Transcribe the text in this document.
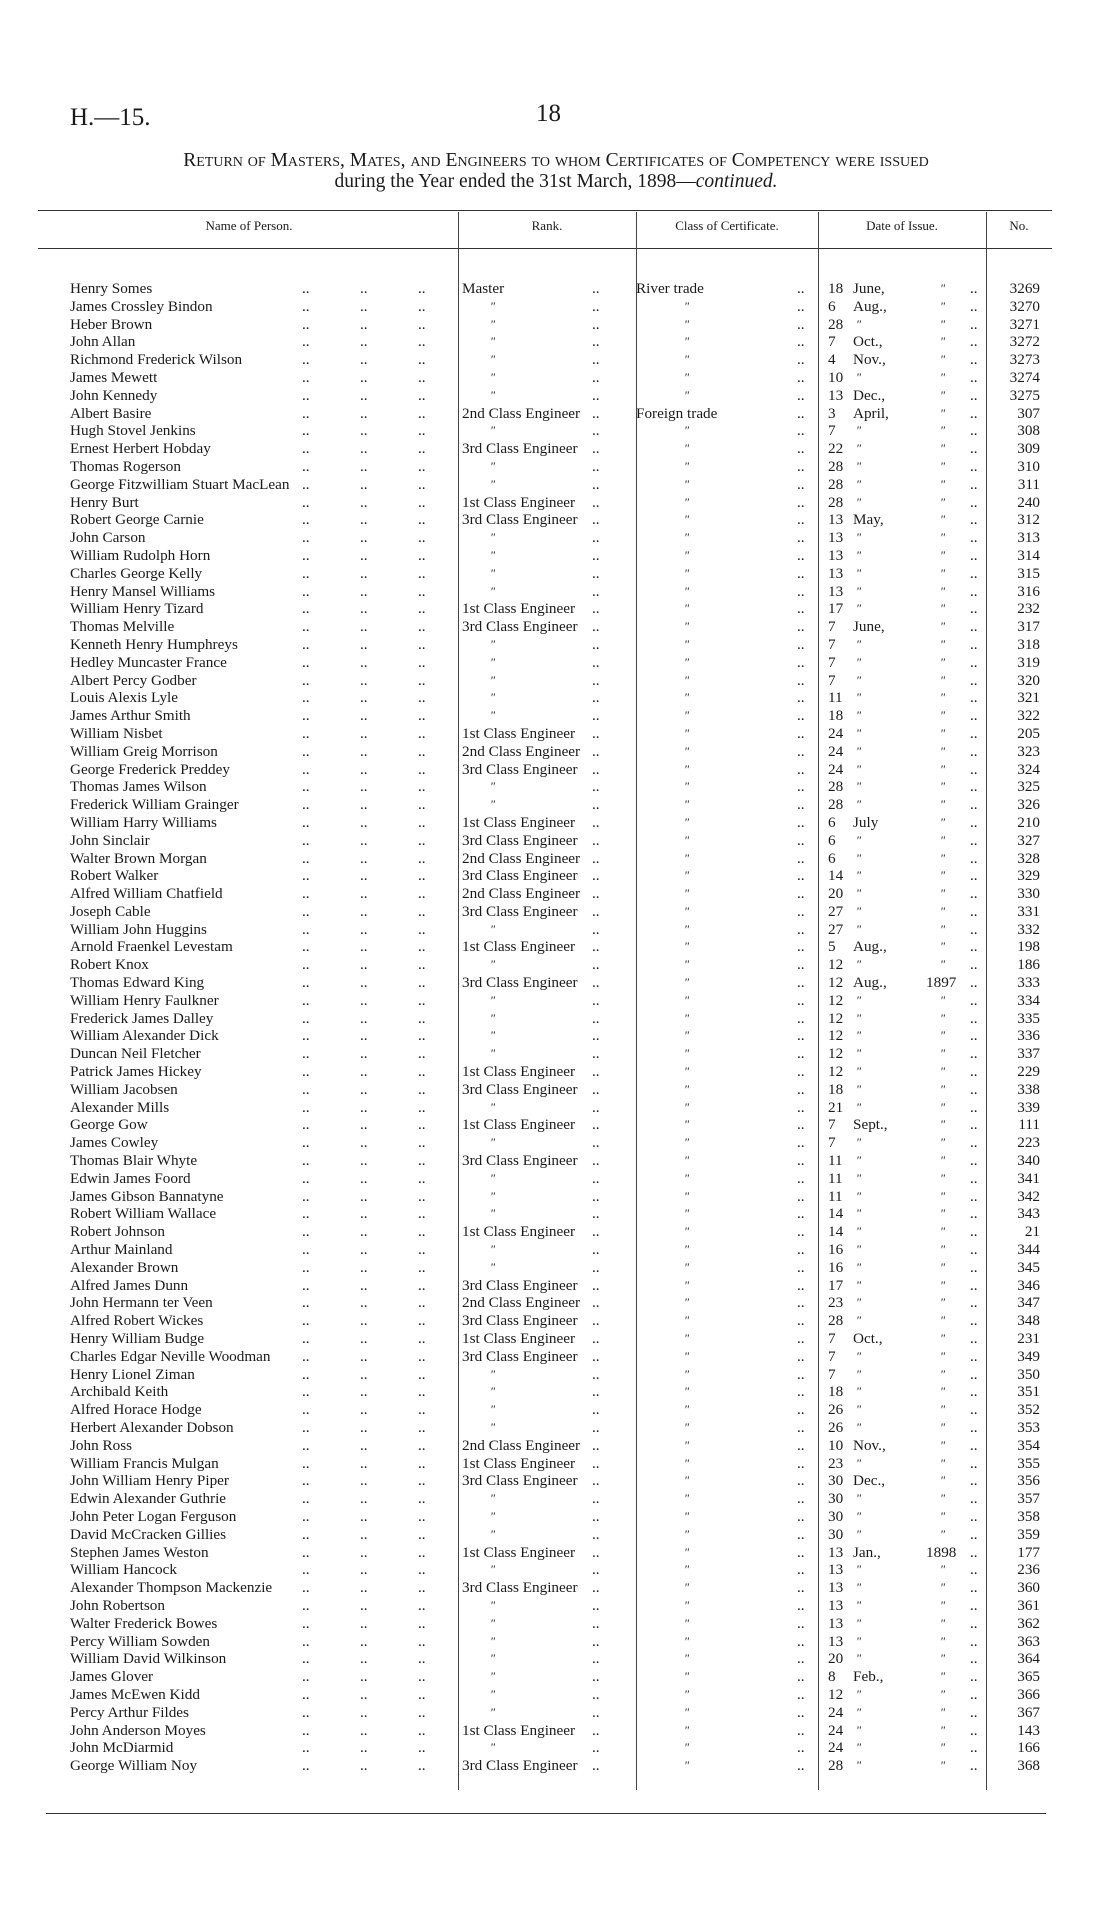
H.—15.	18
Return of Masters, Mates, and Engineers to whom Certificates of Competency were issued
during the Year ended the 31st March, 1898—continued.
Name of Person.	Rank.	Class of Certificate.	Date of Issue.	No.
Henry Somes	Master	River trade	18 June,	"	3269
..	..	..	..	..	..
James Crossley Bindon	"	"	6 Aug.,	"	3270
..	..	..	..	..	..
Heber Brown	"	"	28 "	"	3271
..	..	..	..	..	..
John Allan	"	"	7 Oct.,	"	3272
..	..	..	..	..	..
Richmond Frederick Wilson	"	"	4 Nov.,	"	3273
..	..	..	..	..	..
James Mewett	"	"	10 "	"	3274
..	..	..	..	..	..
John Kennedy	"	"	13 Dec.,	"	3275
..	..	..	..	..	..
Albert Basire	2nd Class Engineer	Foreign trade	3 April,	"	307
..	..	..	..	..	..
Hugh Stovel Jenkins	"	"	7 "	"	308
..	..	..	..	..	..
Ernest Herbert Hobday	3rd Class Engineer	"	22 "	"	309
..	..	..	..	..	..
Thomas Rogerson	"	"	28 "	"	310
..	..	..	..	..	..
George Fitzwilliam Stuart MacLean	"	"	28 "	"	311
..	..	..	..	..	..
Henry Burt	1st Class Engineer	"	28 "	"	240
..	..	..	..	..	..
Robert George Carnie	3rd Class Engineer	"	13 May,	"	312
..	..	..	..	..	..
John Carson	"	"	13 "	"	313
..	..	..	..	..	..
William Rudolph Horn	"	"	13 "	"	314
..	..	..	..	..	..
Charles George Kelly	"	"	13 "	"	315
..	..	..	..	..	..
Henry Mansel Williams	"	"	13 "	"	316
..	..	..	..	..	..
William Henry Tizard	1st Class Engineer	"	17 "	"	232
..	..	..	..	..	..
Thomas Melville	3rd Class Engineer	"	7 June,	"	317
..	..	..	..	..	..
Kenneth Henry Humphreys	"	"	7 "	"	318
..	..	..	..	..	..
Hedley Muncaster France	"	"	7 "	"	319
..	..	..	..	..	..
Albert Percy Godber	"	"	7 "	"	320
..	..	..	..	..	..
Louis Alexis Lyle	"	"	11 "	"	321
..	..	..	..	..	..
James Arthur Smith	"	"	18 "	"	322
..	..	..	..	..	..
William Nisbet	1st Class Engineer	"	24 "	"	205
..	..	..	..	..	..
William Greig Morrison	2nd Class Engineer	"	24 "	"	323
..	..	..	..	..	..
George Frederick Preddey	3rd Class Engineer	"	24 "	"	324
..	..	..	..	..	..
Thomas James Wilson	"	"	28 "	"	325
..	..	..	..	..	..
Frederick William Grainger	"	"	28 "	"	326
..	..	..	..	..	..
William Harry Williams	1st Class Engineer	"	6 July	"	210
..	..	..	..	..	..
John Sinclair	3rd Class Engineer	"	6 "	"	327
..	..	..	..	..	..
Walter Brown Morgan	2nd Class Engineer	"	6 "	"	328
..	..	..	..	..	..
Robert Walker	3rd Class Engineer	"	14 "	"	329
..	..	..	..	..	..
Alfred William Chatfield	2nd Class Engineer	"	20 "	"	330
..	..	..	..	..	..
Joseph Cable	3rd Class Engineer	"	27 "	"	331
..	..	..	..	..	..
William John Huggins	"	"	27 "	"	332
..	..	..	..	..	..
Arnold Fraenkel Levestam	1st Class Engineer	"	5 Aug.,	"	198
..	..	..	..	..	..
Robert Knox	"	"	12 "	"	186
..	..	..	..	..	..
Thomas Edward King	3rd Class Engineer	"	12 Aug.,	1897	333
..	..	..	..	..	..
William Henry Faulkner	"	"	12 "	"	334
..	..	..	..	..	..
Frederick James Dalley	"	"	12 "	"	335
..	..	..	..	..	..
William Alexander Dick	"	"	12 "	"	336
..	..	..	..	..	..
Duncan Neil Fletcher	"	"	12 "	"	337
..	..	..	..	..	..
Patrick James Hickey	1st Class Engineer	"	12 "	"	229
..	..	..	..	..	..
William Jacobsen	3rd Class Engineer	"	18 "	"	338
..	..	..	..	..	..
Alexander Mills	"	"	21 "	"	339
..	..	..	..	..	..
George Gow	1st Class Engineer	"	7 Sept.,	"	111
..	..	..	..	..	..
James Cowley	"	"	7 "	"	223
..	..	..	..	..	..
Thomas Blair Whyte	3rd Class Engineer	"	11 "	"	340
..	..	..	..	..	..
Edwin James Foord	"	"	11 "	"	341
..	..	..	..	..	..
James Gibson Bannatyne	"	"	11 "	"	342
..	..	..	..	..	..
Robert William Wallace	"	"	14 "	"	343
..	..	..	..	..	..
Robert Johnson	1st Class Engineer	"	14 "	"	21
..	..	..	..	..	..
Arthur Mainland	"	"	16 "	"	344
..	..	..	..	..	..
Alexander Brown	"	"	16 "	"	345
..	..	..	..	..	..
Alfred James Dunn	3rd Class Engineer	"	17 "	"	346
..	..	..	..	..	..
John Hermann ter Veen	2nd Class Engineer	"	23 "	"	347
..	..	..	..	..	..
Alfred Robert Wickes	3rd Class Engineer	"	28 "	"	348
..	..	..	..	..	..
Henry William Budge	1st Class Engineer	"	7 Oct.,	"	231
..	..	..	..	..	..
Charles Edgar Neville Woodman	3rd Class Engineer	"	7 "	"	349
..	..	..	..	..	..
Henry Lionel Ziman	"	"	7 "	"	350
..	..	..	..	..	..
Archibald Keith	"	"	18 "	"	351
..	..	..	..	..	..
Alfred Horace Hodge	"	"	26 "	"	352
..	..	..	..	..	..
Herbert Alexander Dobson	"	"	26 "	"	353
..	..	..	..	..	..
John Ross	2nd Class Engineer	"	10 Nov.,	"	354
..	..	..	..	..	..
William Francis Mulgan	1st Class Engineer	"	23 "	"	355
..	..	..	..	..	..
John William Henry Piper	3rd Class Engineer	"	30 Dec.,	"	356
..	..	..	..	..	..
Edwin Alexander Guthrie	"	"	30 "	"	357
..	..	..	..	..	..
John Peter Logan Ferguson	"	"	30 "	"	358
..	..	..	..	..	..
David McCracken Gillies	"	"	30 "	"	359
..	..	..	..	..	..
Stephen James Weston	1st Class Engineer	"	13 Jan.,	1898	177
..	..	..	..	..	..
William Hancock	"	"	13 "	"	236
..	..	..	..	..	..
Alexander Thompson Mackenzie	3rd Class Engineer	"	13 "	"	360
..	..	..	..	..	..
John Robertson	"	"	13 "	"	361
..	..	..	..	..	..
Walter Frederick Bowes	"	"	13 "	"	362
..	..	..	..	..	..
Percy William Sowden	"	"	13 "	"	363
..	..	..	..	..	..
William David Wilkinson	"	"	20 "	"	364
..	..	..	..	..	..
James Glover	"	"	8 Feb.,	"	365
..	..	..	..	..	..
James McEwen Kidd	"	"	12 "	"	366
..	..	..	..	..	..
Percy Arthur Fildes	"	"	24 "	"	367
..	..	..	..	..	..
John Anderson Moyes	1st Class Engineer	"	24 "	"	143
..	..	..	..	..	..
John McDiarmid	"	"	24 "	"	166
..	..	..	..	..	..
George William Noy	3rd Class Engineer	"	28 "	"	368
..	..	..	..	..	..
